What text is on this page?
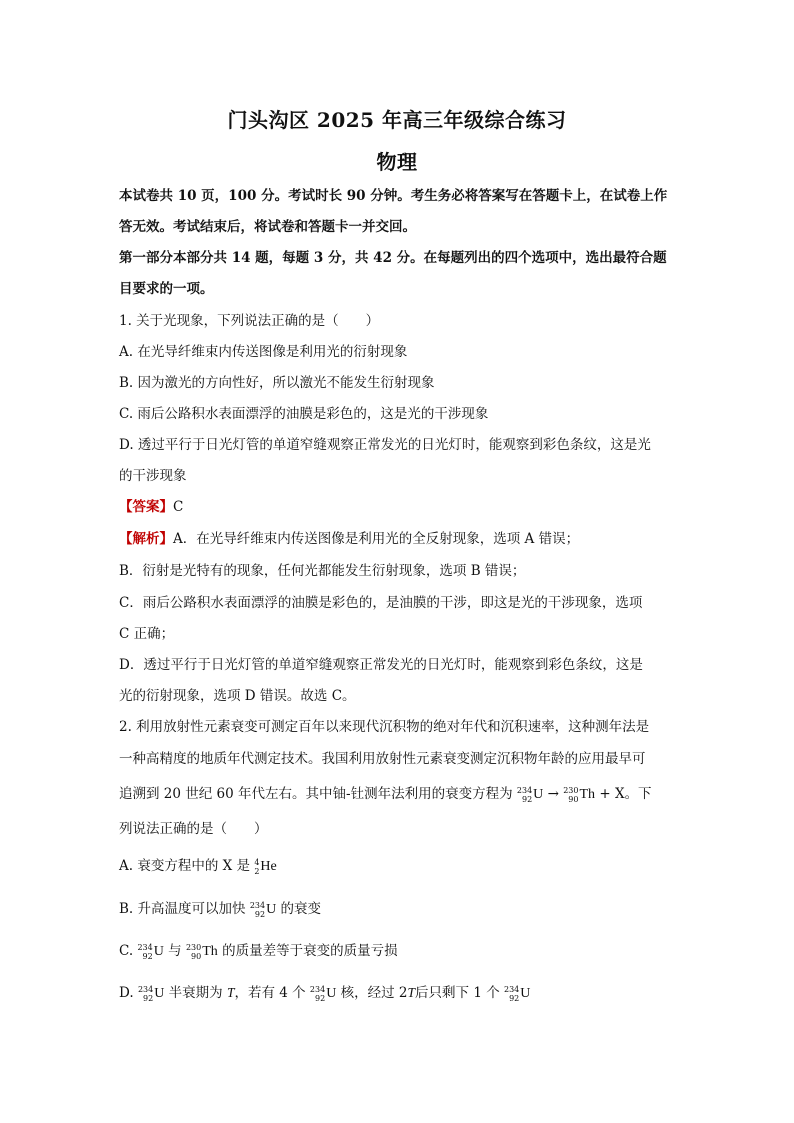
门头沟区 2025 年高三年级综合练习
物理
本试卷共 10 页，100 分。考试时长 90 分钟。考生务必将答案写在答题卡上，在试卷上作
答无效。考试结束后，将试卷和答题卡一并交回。
第一部分本部分共 14 题，每题 3 分，共 42 分。在每题列出的四个选项中，选出最符合题
目要求的一项。
1. 关于光现象，下列说法正确的是（　　）
A. 在光导纤维束内传送图像是利用光的衍射现象
B. 因为激光的方向性好，所以激光不能发生衍射现象
C. 雨后公路积水表面漂浮的油膜是彩色的，这是光的干涉现象
D. 透过平行于日光灯管的单道窄缝观察正常发光的日光灯时，能观察到彩色条纹，这是光
的干涉现象
【答案】C
【解析】A．在光导纤维束内传送图像是利用光的全反射现象，选项 A 错误；
B．衍射是光特有的现象，任何光都能发生衍射现象，选项 B 错误；
C．雨后公路积水表面漂浮的油膜是彩色的，是油膜的干涉，即这是光的干涉现象，选项
C 正确；
D．透过平行于日光灯管的单道窄缝观察正常发光的日光灯时，能观察到彩色条纹，这是
光的衍射现象，选项 D 错误。故选 C。
2. 利用放射性元素衰变可测定百年以来现代沉积物的绝对年代和沉积速率，这种测年法是
一种高精度的地质年代测定技术。我国利用放射性元素衰变测定沉积物年龄的应用最早可
追溯到 20 世纪 60 年代左右。其中铀-钍测年法利用的衰变方程为 234
92 U → 230
90 Th + X。下
列说法正确的是（　　）
A. 衰变方程中的 X 是 4
2 He
B. 升高温度可以加快 234
92 U 的衰变
C. 234
92 U 与 230
90 Th 的质量差等于衰变的质量亏损
D. 234
92 U 半衰期为 T，若有 4 个 234
92 U 核，经过 2T后只剩下 1 个 234
92 U
